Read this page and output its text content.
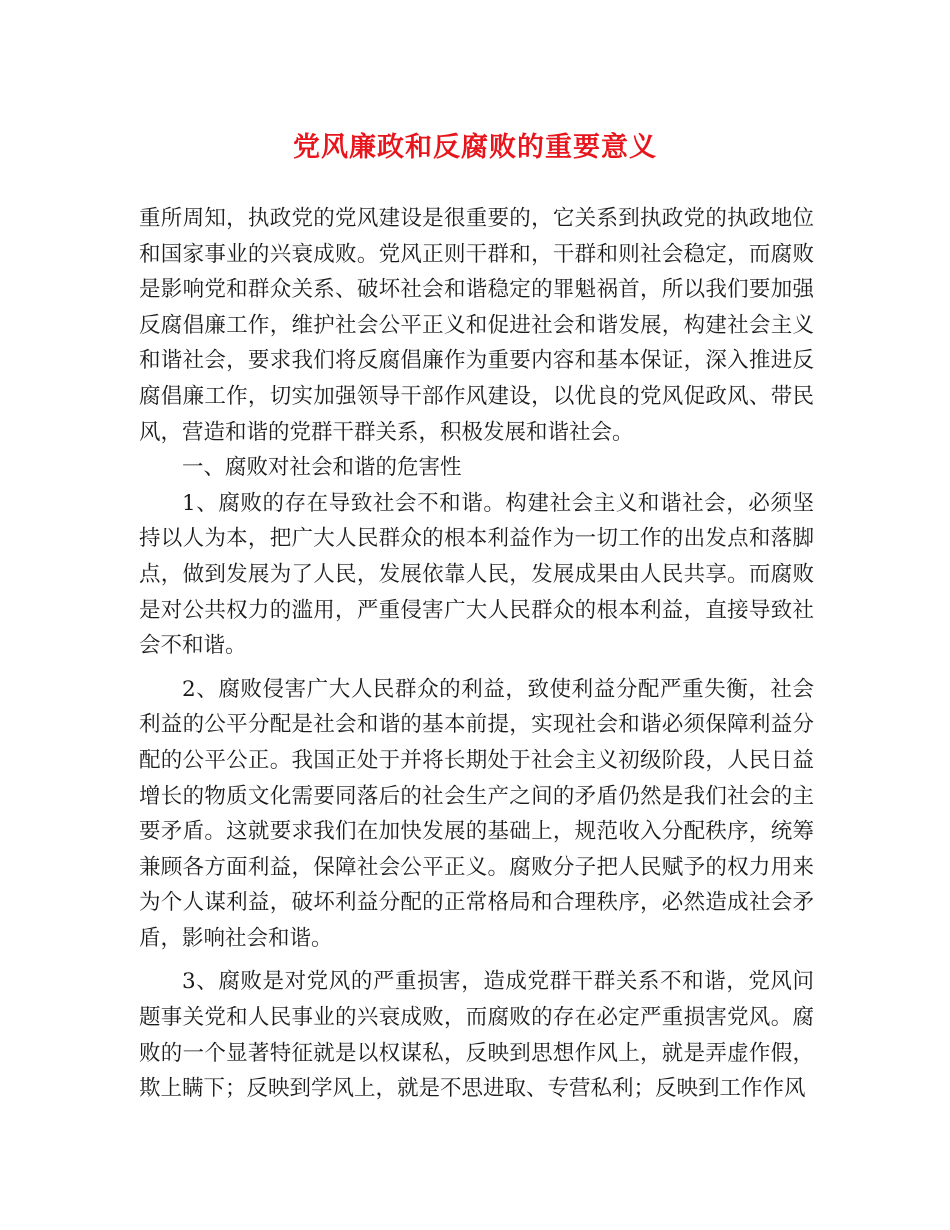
党风廉政和反腐败的重要意义

重所周知，执政党的党风建设是很重要的，它关系到执政党的执政地位和国家事业的兴衰成败。党风正则干群和，干群和则社会稳定，而腐败是影响党和群众关系、破坏社会和谐稳定的罪魁祸首，所以我们要加强反腐倡廉工作，维护社会公平正义和促进社会和谐发展，构建社会主义和谐社会，要求我们将反腐倡廉作为重要内容和基本保证，深入推进反腐倡廉工作，切实加强领导干部作风建设，以优良的党风促政风、带民风，营造和谐的党群干群关系，积极发展和谐社会。

一、腐败对社会和谐的危害性

1、腐败的存在导致社会不和谐。构建社会主义和谐社会，必须坚持以人为本，把广大人民群众的根本利益作为一切工作的出发点和落脚点，做到发展为了人民，发展依靠人民，发展成果由人民共享。而腐败是对公共权力的滥用，严重侵害广大人民群众的根本利益，直接导致社会不和谐。

2、腐败侵害广大人民群众的利益，致使利益分配严重失衡，社会利益的公平分配是社会和谐的基本前提，实现社会和谐必须保障利益分配的公平公正。我国正处于并将长期处于社会主义初级阶段，人民日益增长的物质文化需要同落后的社会生产之间的矛盾仍然是我们社会的主要矛盾。这就要求我们在加快发展的基础上，规范收入分配秩序，统筹兼顾各方面利益，保障社会公平正义。腐败分子把人民赋予的权力用来为个人谋利益，破坏利益分配的正常格局和合理秩序，必然造成社会矛盾，影响社会和谐。

3、腐败是对党风的严重损害，造成党群干群关系不和谐，党风问题事关党和人民事业的兴衰成败，而腐败的存在必定严重损害党风。腐败的一个显著特征就是以权谋私，反映到思想作风上，就是弄虚作假，欺上瞒下；反映到学风上，就是不思进取、专营私利；反映到工作作风
